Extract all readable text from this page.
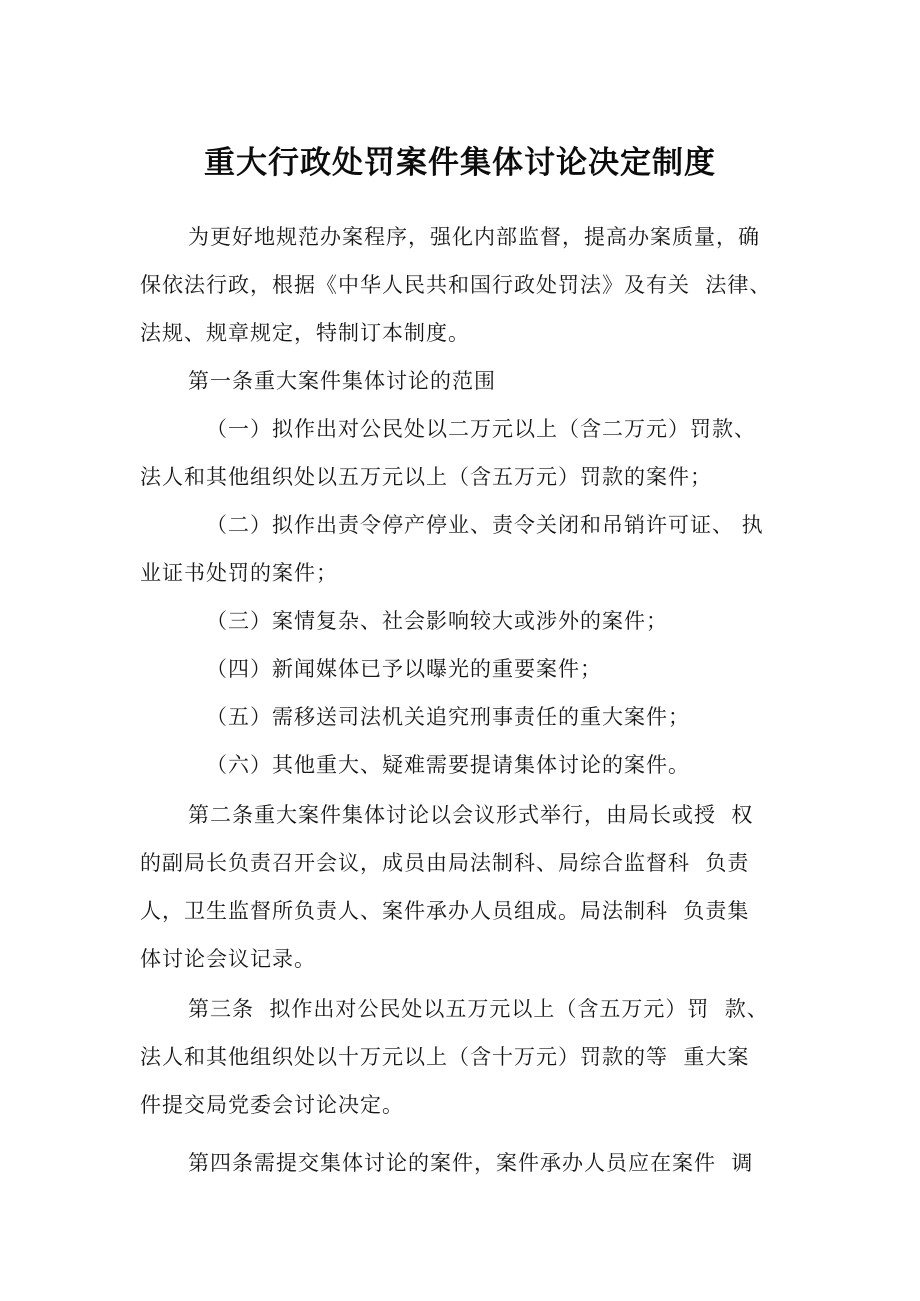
重大行政处罚案件集体讨论决定制度
为更好地规范办案程序，强化内部监督，提高办案质量，确
保依法行政，根据《中华人民共和国行政处罚法》及有关  法律、
法规、规章规定，特制订本制度。
第一条重大案件集体讨论的范围
（一）拟作出对公民处以二万元以上（含二万元）罚款、
法人和其他组织处以五万元以上（含五万元）罚款的案件；
（二）拟作出责令停产停业、责令关闭和吊销许可证、 执
业证书处罚的案件；
（三）案情复杂、社会影响较大或涉外的案件；
（四）新闻媒体已予以曝光的重要案件；
（五）需移送司法机关追究刑事责任的重大案件；
（六）其他重大、疑难需要提请集体讨论的案件。
第二条重大案件集体讨论以会议形式举行，由局长或授  权
的副局长负责召开会议，成员由局法制科、局综合监督科  负责
人，卫生监督所负责人、案件承办人员组成。局法制科  负责集
体讨论会议记录。
第三条  拟作出对公民处以五万元以上（含五万元）罚  款、
法人和其他组织处以十万元以上（含十万元）罚款的等  重大案
件提交局党委会讨论决定。
第四条需提交集体讨论的案件，案件承办人员应在案件  调
